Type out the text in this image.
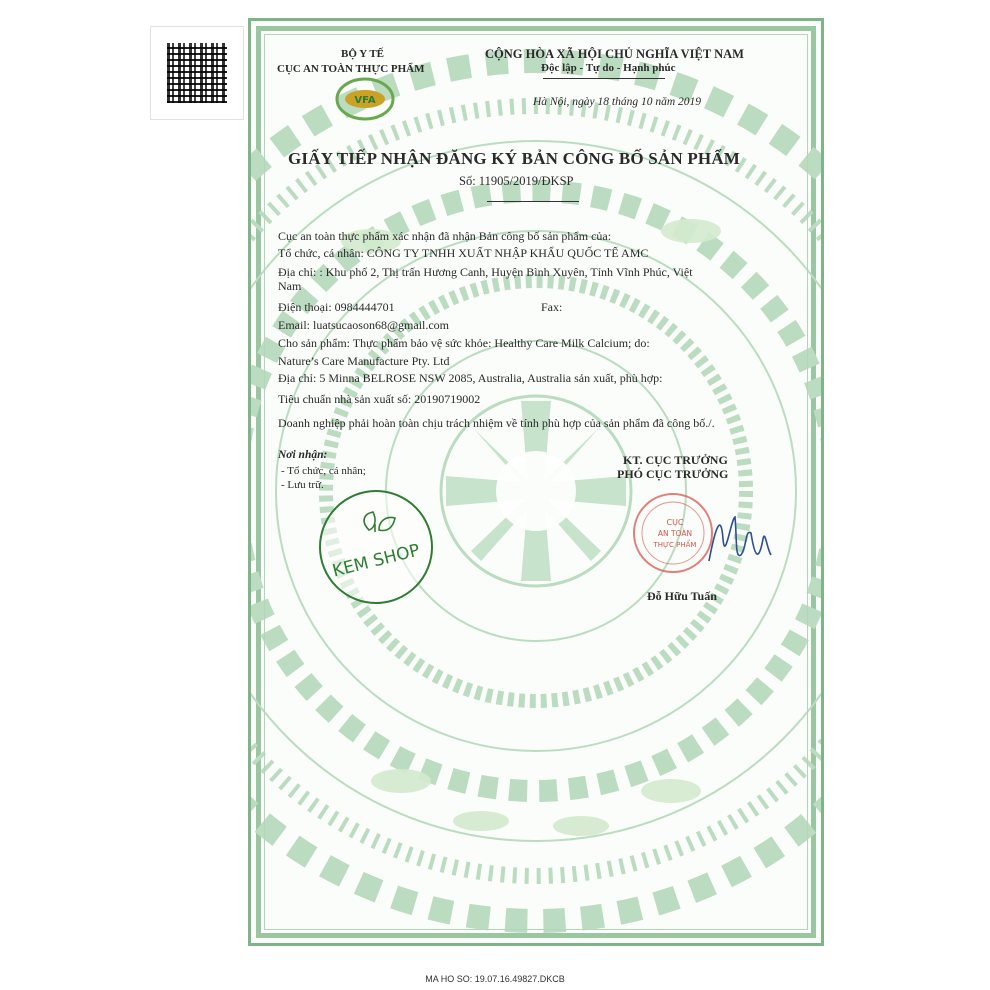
BỘ Y TẾ
CỤC AN TOÀN THỰC PHẨM
VFA
CỘNG HÒA XÃ HỘI CHỦ NGHĨA VIỆT NAM
Độc lập - Tự do - Hạnh phúc
Hà Nội, ngày 18 tháng 10 năm 2019
GIẤY TIẾP NHẬN ĐĂNG KÝ BẢN CÔNG BỐ SẢN PHẨM
Số: 11905/2019/ĐKSP
Cục an toàn thực phẩm xác nhận đã nhận Bản công bố sản phẩm của:
Tổ chức, cá nhân: CÔNG TY TNHH XUẤT NHẬP KHẨU QUỐC TẾ AMC
Địa chỉ: : Khu phố 2, Thị trấn Hương Canh, Huyện Bình Xuyên, Tỉnh Vĩnh Phúc, Việt
Nam
Điện thoại: 0984444701	Fax:
Email: luatsucaoson68@gmail.com
Cho sản phẩm: Thực phẩm bảo vệ sức khỏe: Healthy Care Milk Calcium; do:
Nature’s Care Manufacture Pty. Ltd
Địa chỉ: 5 Minna BELROSE NSW 2085, Australia, Australia sản xuất, phù hợp:
Tiêu chuẩn nhà sản xuất số: 20190719002
Doanh nghiệp phải hoàn toàn chịu trách nhiệm về tính phù hợp của sản phẩm đã công bố./.
Nơi nhận:
- Tổ chức, cá nhân;
- Lưu trữ.
KT. CỤC TRƯỞNG
PHÓ CỤC TRƯỞNG
CỤC
AN TOÀN
THỰC PHẨM
Đỗ Hữu Tuấn
KEM SHOP
MA HO SO: 19.07.16.49827.DKCB
